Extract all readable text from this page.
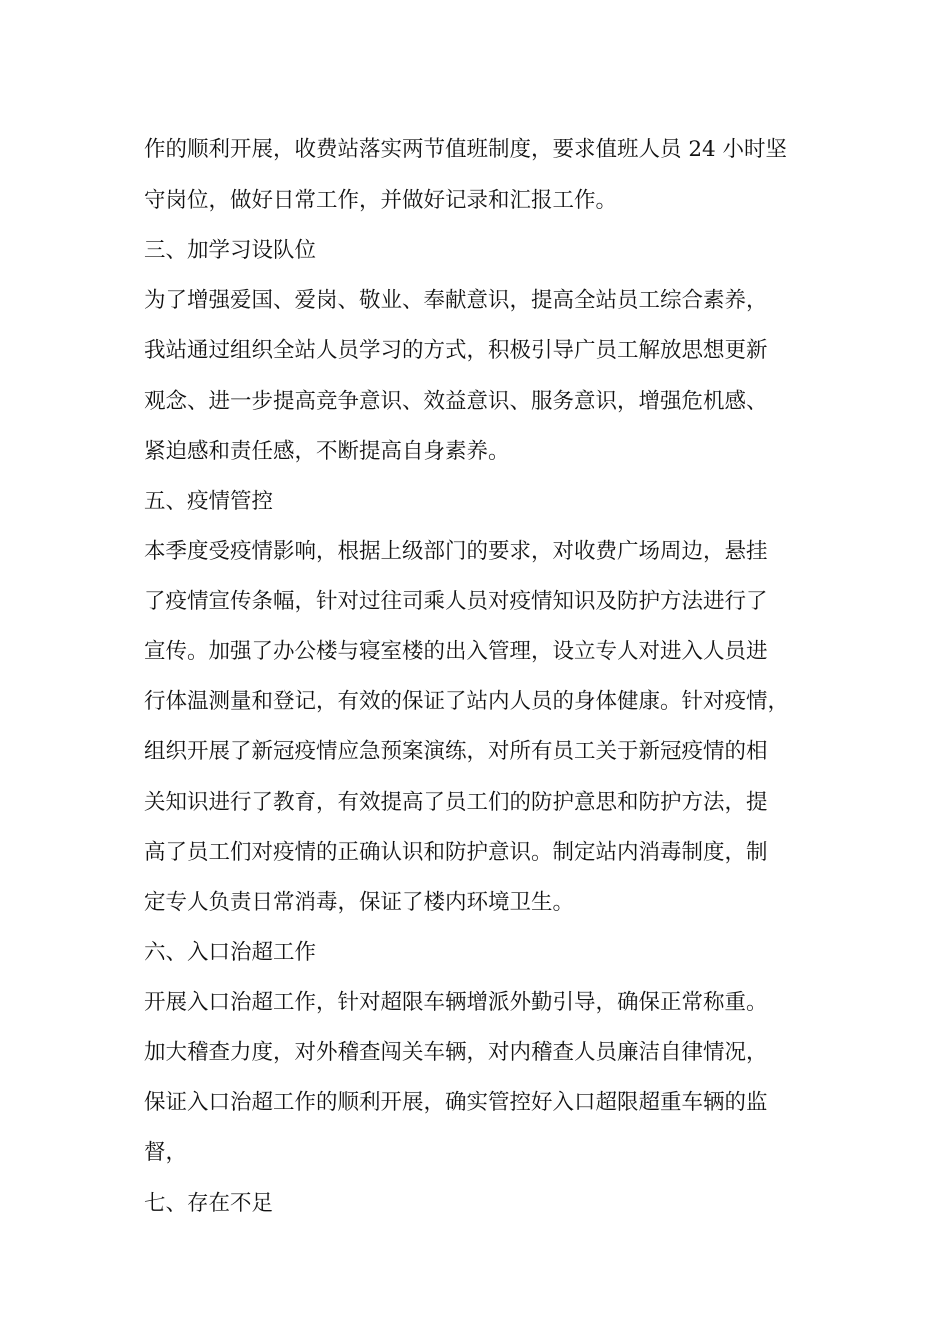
作的顺利开展，收费站落实两节值班制度，要求值班人员 24 小时坚

守岗位，做好日常工作，并做好记录和汇报工作。

三、加学习设队位

为了增强爱国、爱岗、敬业、奉献意识，提高全站员工综合素养，

我站通过组织全站人员学习的方式，积极引导广员工解放思想更新

观念、进一步提高竞争意识、效益意识、服务意识，增强危机感、

紧迫感和责任感，不断提高自身素养。

五、疫情管控

本季度受疫情影响，根据上级部门的要求，对收费广场周边，悬挂

了疫情宣传条幅，针对过往司乘人员对疫情知识及防护方法进行了

宣传。加强了办公楼与寝室楼的出入管理，设立专人对进入人员进

行体温测量和登记，有效的保证了站内人员的身体健康。针对疫情，

组织开展了新冠疫情应急预案演练，对所有员工关于新冠疫情的相

关知识进行了教育，有效提高了员工们的防护意思和防护方法，提

高了员工们对疫情的正确认识和防护意识。制定站内消毒制度，制

定专人负责日常消毒，保证了楼内环境卫生。

六、入口治超工作

开展入口治超工作，针对超限车辆增派外勤引导，确保正常称重。

加大稽查力度，对外稽查闯关车辆，对内稽查人员廉洁自律情况，

保证入口治超工作的顺利开展，确实管控好入口超限超重车辆的监

督，

七、存在不足
